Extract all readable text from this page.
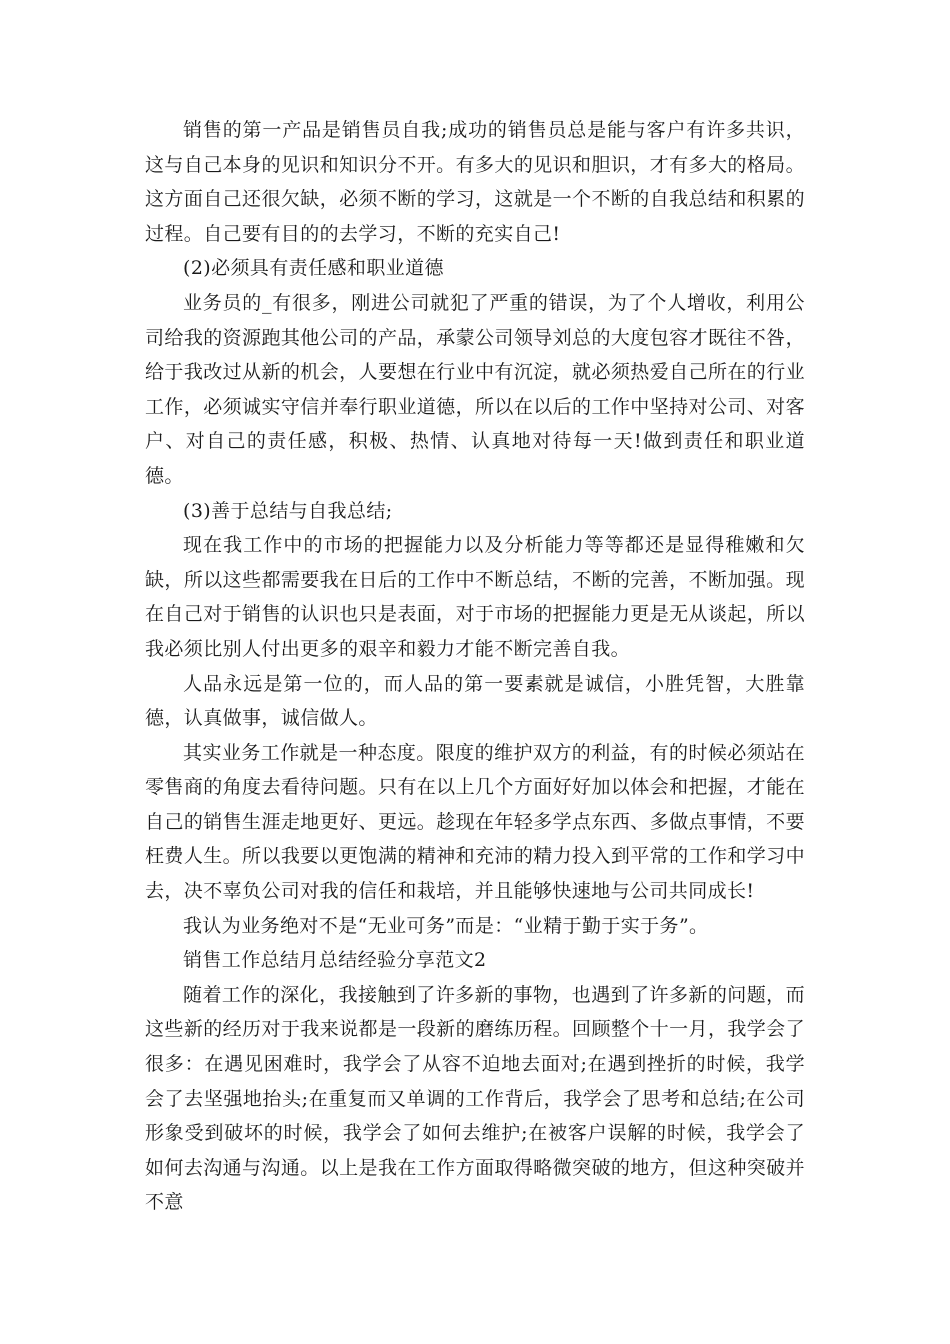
销售的第一产品是销售员自我;成功的销售员总是能与客户有许多共识，这与自己本身的见识和知识分不开。有多大的见识和胆识，才有多大的格局。这方面自己还很欠缺，必须不断的学习，这就是一个不断的自我总结和积累的过程。自己要有目的的去学习，不断的充实自己!

(2)必须具有责任感和职业道德

业务员的_有很多，刚进公司就犯了严重的错误，为了个人增收，利用公司给我的资源跑其他公司的产品，承蒙公司领导刘总的大度包容才既往不咎，给于我改过从新的机会，人要想在行业中有沉淀，就必须热爱自己所在的行业工作，必须诚实守信并奉行职业道德，所以在以后的工作中坚持对公司、对客户、对自己的责任感，积极、热情、认真地对待每一天!做到责任和职业道德。

(3)善于总结与自我总结;

现在我工作中的市场的把握能力以及分析能力等等都还是显得稚嫩和欠缺，所以这些都需要我在日后的工作中不断总结，不断的完善，不断加强。现在自己对于销售的认识也只是表面，对于市场的把握能力更是无从谈起，所以我必须比别人付出更多的艰辛和毅力才能不断完善自我。

人品永远是第一位的，而人品的第一要素就是诚信，小胜凭智，大胜靠德，认真做事，诚信做人。

其实业务工作就是一种态度。限度的维护双方的利益，有的时候必须站在零售商的角度去看待问题。只有在以上几个方面好好加以体会和把握，才能在自己的销售生涯走地更好、更远。趁现在年轻多学点东西、多做点事情，不要枉费人生。所以我要以更饱满的精神和充沛的精力投入到平常的工作和学习中去，决不辜负公司对我的信任和栽培，并且能够快速地与公司共同成长!

我认为业务绝对不是“无业可务”而是：“业精于勤于实于务”。

销售工作总结月总结经验分享范文2

随着工作的深化，我接触到了许多新的事物，也遇到了许多新的问题，而这些新的经历对于我来说都是一段新的磨练历程。回顾整个十一月，我学会了很多：在遇见困难时，我学会了从容不迫地去面对;在遇到挫折的时候，我学会了去坚强地抬头;在重复而又单调的工作背后，我学会了思考和总结;在公司形象受到破坏的时候，我学会了如何去维护;在被客户误解的时候，我学会了如何去沟通与沟通。以上是我在工作方面取得略微突破的地方，但这种突破并不意
